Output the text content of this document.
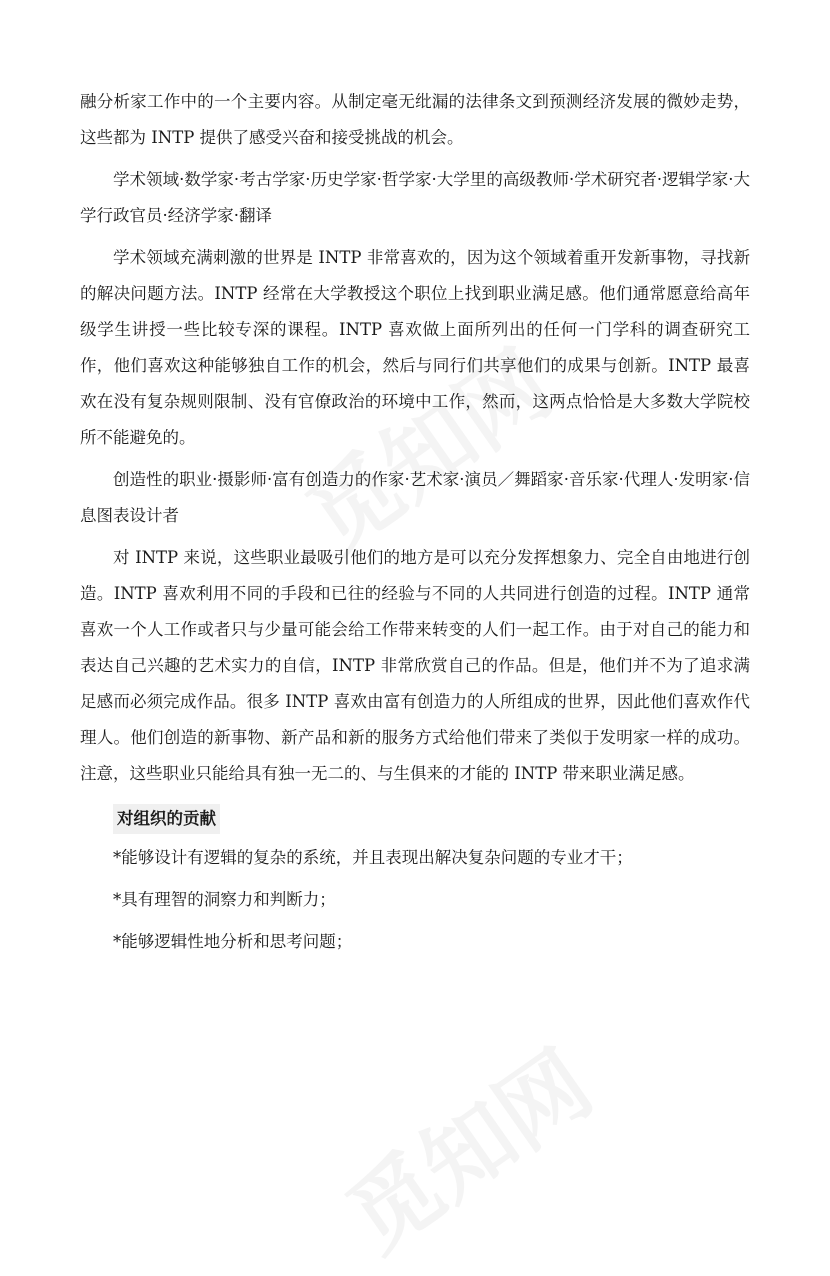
融分析家工作中的一个主要内容。从制定毫无纰漏的法律条文到预测经济发展的微妙走势，这些都为 INTP 提供了感受兴奋和接受挑战的机会。

学术领域·数学家·考古学家·历史学家·哲学家·大学里的高级教师·学术研究者·逻辑学家·大学行政官员·经济学家·翻译

学术领域充满刺激的世界是 INTP 非常喜欢的，因为这个领域着重开发新事物，寻找新的解决问题方法。INTP 经常在大学教授这个职位上找到职业满足感。他们通常愿意给高年级学生讲授一些比较专深的课程。INTP 喜欢做上面所列出的任何一门学科的调查研究工作，他们喜欢这种能够独自工作的机会，然后与同行们共享他们的成果与创新。INTP 最喜欢在没有复杂规则限制、没有官僚政治的环境中工作，然而，这两点恰恰是大多数大学院校所不能避免的。

创造性的职业·摄影师·富有创造力的作家·艺术家·演员／舞蹈家·音乐家·代理人·发明家·信息图表设计者

对 INTP 来说，这些职业最吸引他们的地方是可以充分发挥想象力、完全自由地进行创造。INTP 喜欢利用不同的手段和已往的经验与不同的人共同进行创造的过程。INTP 通常喜欢一个人工作或者只与少量可能会给工作带来转变的人们一起工作。由于对自己的能力和表达自己兴趣的艺术实力的自信，INTP 非常欣赏自己的作品。但是，他们并不为了追求满足感而必须完成作品。很多 INTP 喜欢由富有创造力的人所组成的世界，因此他们喜欢作代理人。他们创造的新事物、新产品和新的服务方式给他们带来了类似于发明家一样的成功。注意，这些职业只能给具有独一无二的、与生俱来的才能的 INTP 带来职业满足感。

对组织的贡献

*能够设计有逻辑的复杂的系统，并且表现出解决复杂问题的专业才干；

*具有理智的洞察力和判断力；

*能够逻辑性地分析和思考问题；
